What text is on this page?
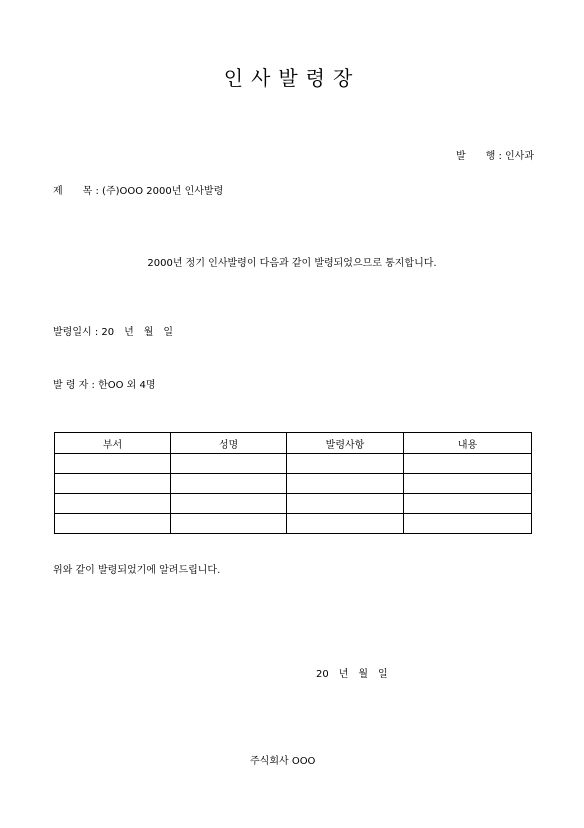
인사발령장
발　　행 : 인사과
제　　목 : (주)OOO 2000년 인사발령
2000년 정기 인사발령이 다음과 같이 발령되었으므로 통지합니다.
발령일시 : 20　년　월　일
발 령 자 : 한OO 외 4명
부서	성명	발령사항	내용

위와 같이 발령되었기에 알려드립니다.
20　년　월　일
주식회사 OOO
